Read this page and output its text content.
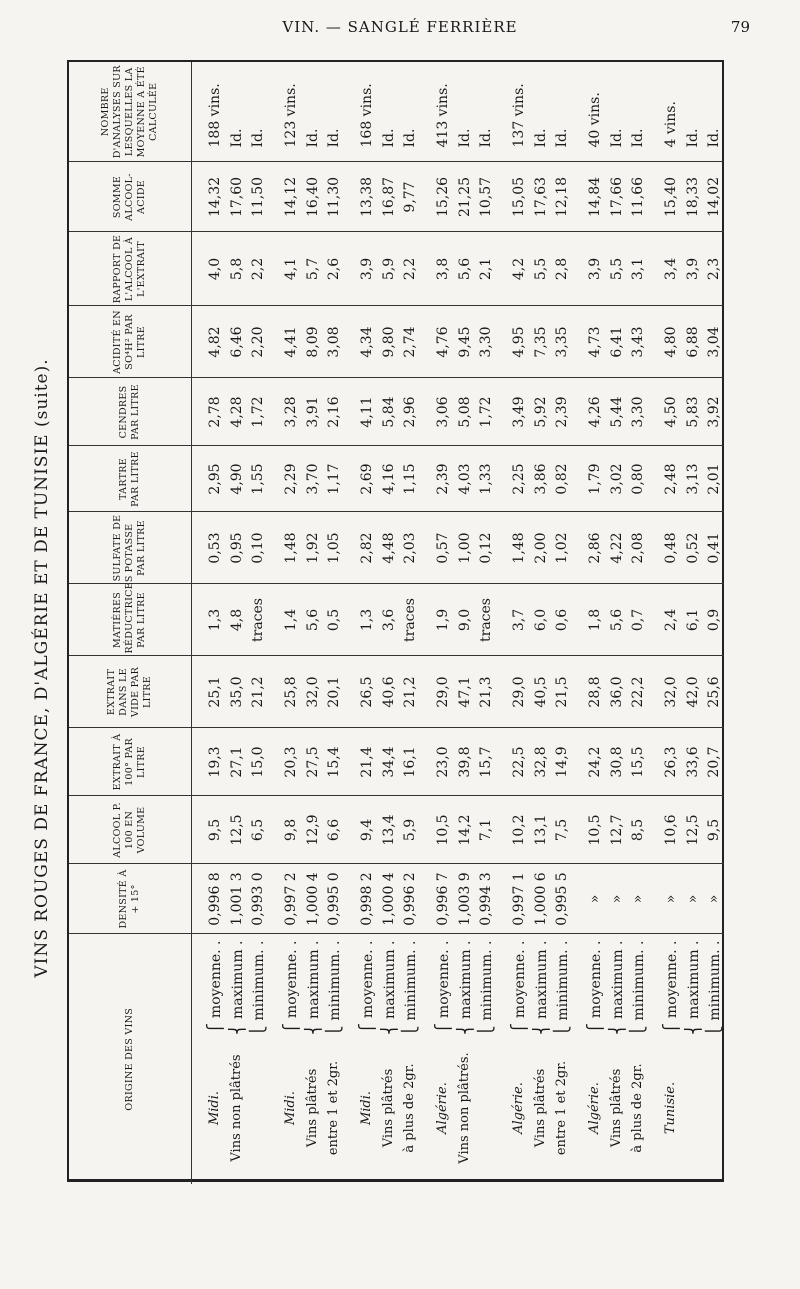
VIN. — SANGLÉ FERRIÈRE	79
VINS ROUGES DE FRANCE, D'ALGÉRIE ET DE TUNISIE (suite).
ORIGINE DES VINS	DENSITÉ À + 15°	ALCOOL P. 100 EN VOLUME	EXTRAIT À 100° PAR LITRE	EXTRAIT DANS LE VIDE PAR LITRE	MATIÈRES RÉDUCTRICES PAR LITRE	SULFATE DE POTASSE PAR LITRE	TARTRE PAR LITRE	CENDRES PAR LITRE	ACIDITÉ EN SO⁴H² PAR LITRE	RAPPORT DE L'ALCOOL À L'EXTRAIT	SOMME ALCOOL-ACIDE	NOMBRE D'ANALYSES SUR LESQUELLES LA MOYENNE A ÉTÉ CALCULÉE

Midi.
⎧ moyenne. .	0,996 8	9,5	19,3	25,1	1,3	0,53	2,95	2,78	4,82	4,0	14,32	188 vins.

Vins non plâtrés
⎨ maximum .	1,001 3	12,5	27,1	35,0	4,8	0,95	4,90	4,28	6,46	5,8	17,60	Id.

⎩ minimum. .	0,993 0	6,5	15,0	21,2	traces	0,10	1,55	1,72	2,20	2,2	11,50	Id.

Midi.
⎧ moyenne. .	0,997 2	9,8	20,3	25,8	1,4	1,48	2,29	3,28	4,41	4,1	14,12	123 vins.

Vins plâtrés
⎨ maximum .	1,000 4	12,9	27,5	32,0	5,6	1,92	3,70	3,91	8,09	5,7	16,40	Id.

entre 1 et 2gr.
⎩ minimum. .	0,995 0	6,6	15,4	20,1	0,5	1,05	1,17	2,16	3,08	2,6	11,30	Id.

Midi.
⎧ moyenne. .	0,998 2	9,4	21,4	26,5	1,3	2,82	2,69	4,11	4,34	3,9	13,38	168 vins.

Vins plâtrés
⎨ maximum .	1,000 4	13,4	34,4	40,6	3,6	4,48	4,16	5,84	9,80	5,9	16,87	Id.

à plus de 2gr.
⎩ minimum. .	0,996 2	5,9	16,1	21,2	traces	2,03	1,15	2,96	2,74	2,2	9,77	Id.

Algérie.
⎧ moyenne. .	0,996 7	10,5	23,0	29,0	1,9	0,57	2,39	3,06	4,76	3,8	15,26	413 vins.

Vins non plâtrés.
⎨ maximum .	1,003 9	14,2	39,8	47,1	9,0	1,00	4,03	5,08	9,45	5,6	21,25	Id.

⎩ minimum. .	0,994 3	7,1	15,7	21,3	traces	0,12	1,33	1,72	3,30	2,1	10,57	Id.

Algérie.
⎧ moyenne. .	0,997 1	10,2	22,5	29,0	3,7	1,48	2,25	3,49	4,95	4,2	15,05	137 vins.

Vins plâtrés
⎨ maximum .	1,000 6	13,1	32,8	40,5	6,0	2,00	3,86	5,92	7,35	5,5	17,63	Id.

entre 1 et 2gr.
⎩ minimum. .	0,995 5	7,5	14,9	21,5	0,6	1,02	0,82	2,39	3,35	2,8	12,18	Id.

Algérie.
⎧ moyenne. .	»	10,5	24,2	28,8	1,8	2,86	1,79	4,26	4,73	3,9	14,84	40 vins.

Vins plâtrés
⎨ maximum .	»	12,7	30,8	36,0	5,6	4,22	3,02	5,44	6,41	5,5	17,66	Id.

à plus de 2gr.
⎩ minimum. .	»	8,5	15,5	22,2	0,7	2,08	0,80	3,30	3,43	3,1	11,66	Id.

Tunisie.
⎧ moyenne. .	»	10,6	26,3	32,0	2,4	0,48	2,48	4,50	4,80	3,4	15,40	4 vins.

⎨ maximum .	»	12,5	33,6	42,0	6,1	0,52	3,13	5,83	6,88	3,9	18,33	Id.

⎩ minimum. .	»	9,5	20,7	25,6	0,9	0,41	2,01	3,92	3,04	2,3	14,02	Id.
